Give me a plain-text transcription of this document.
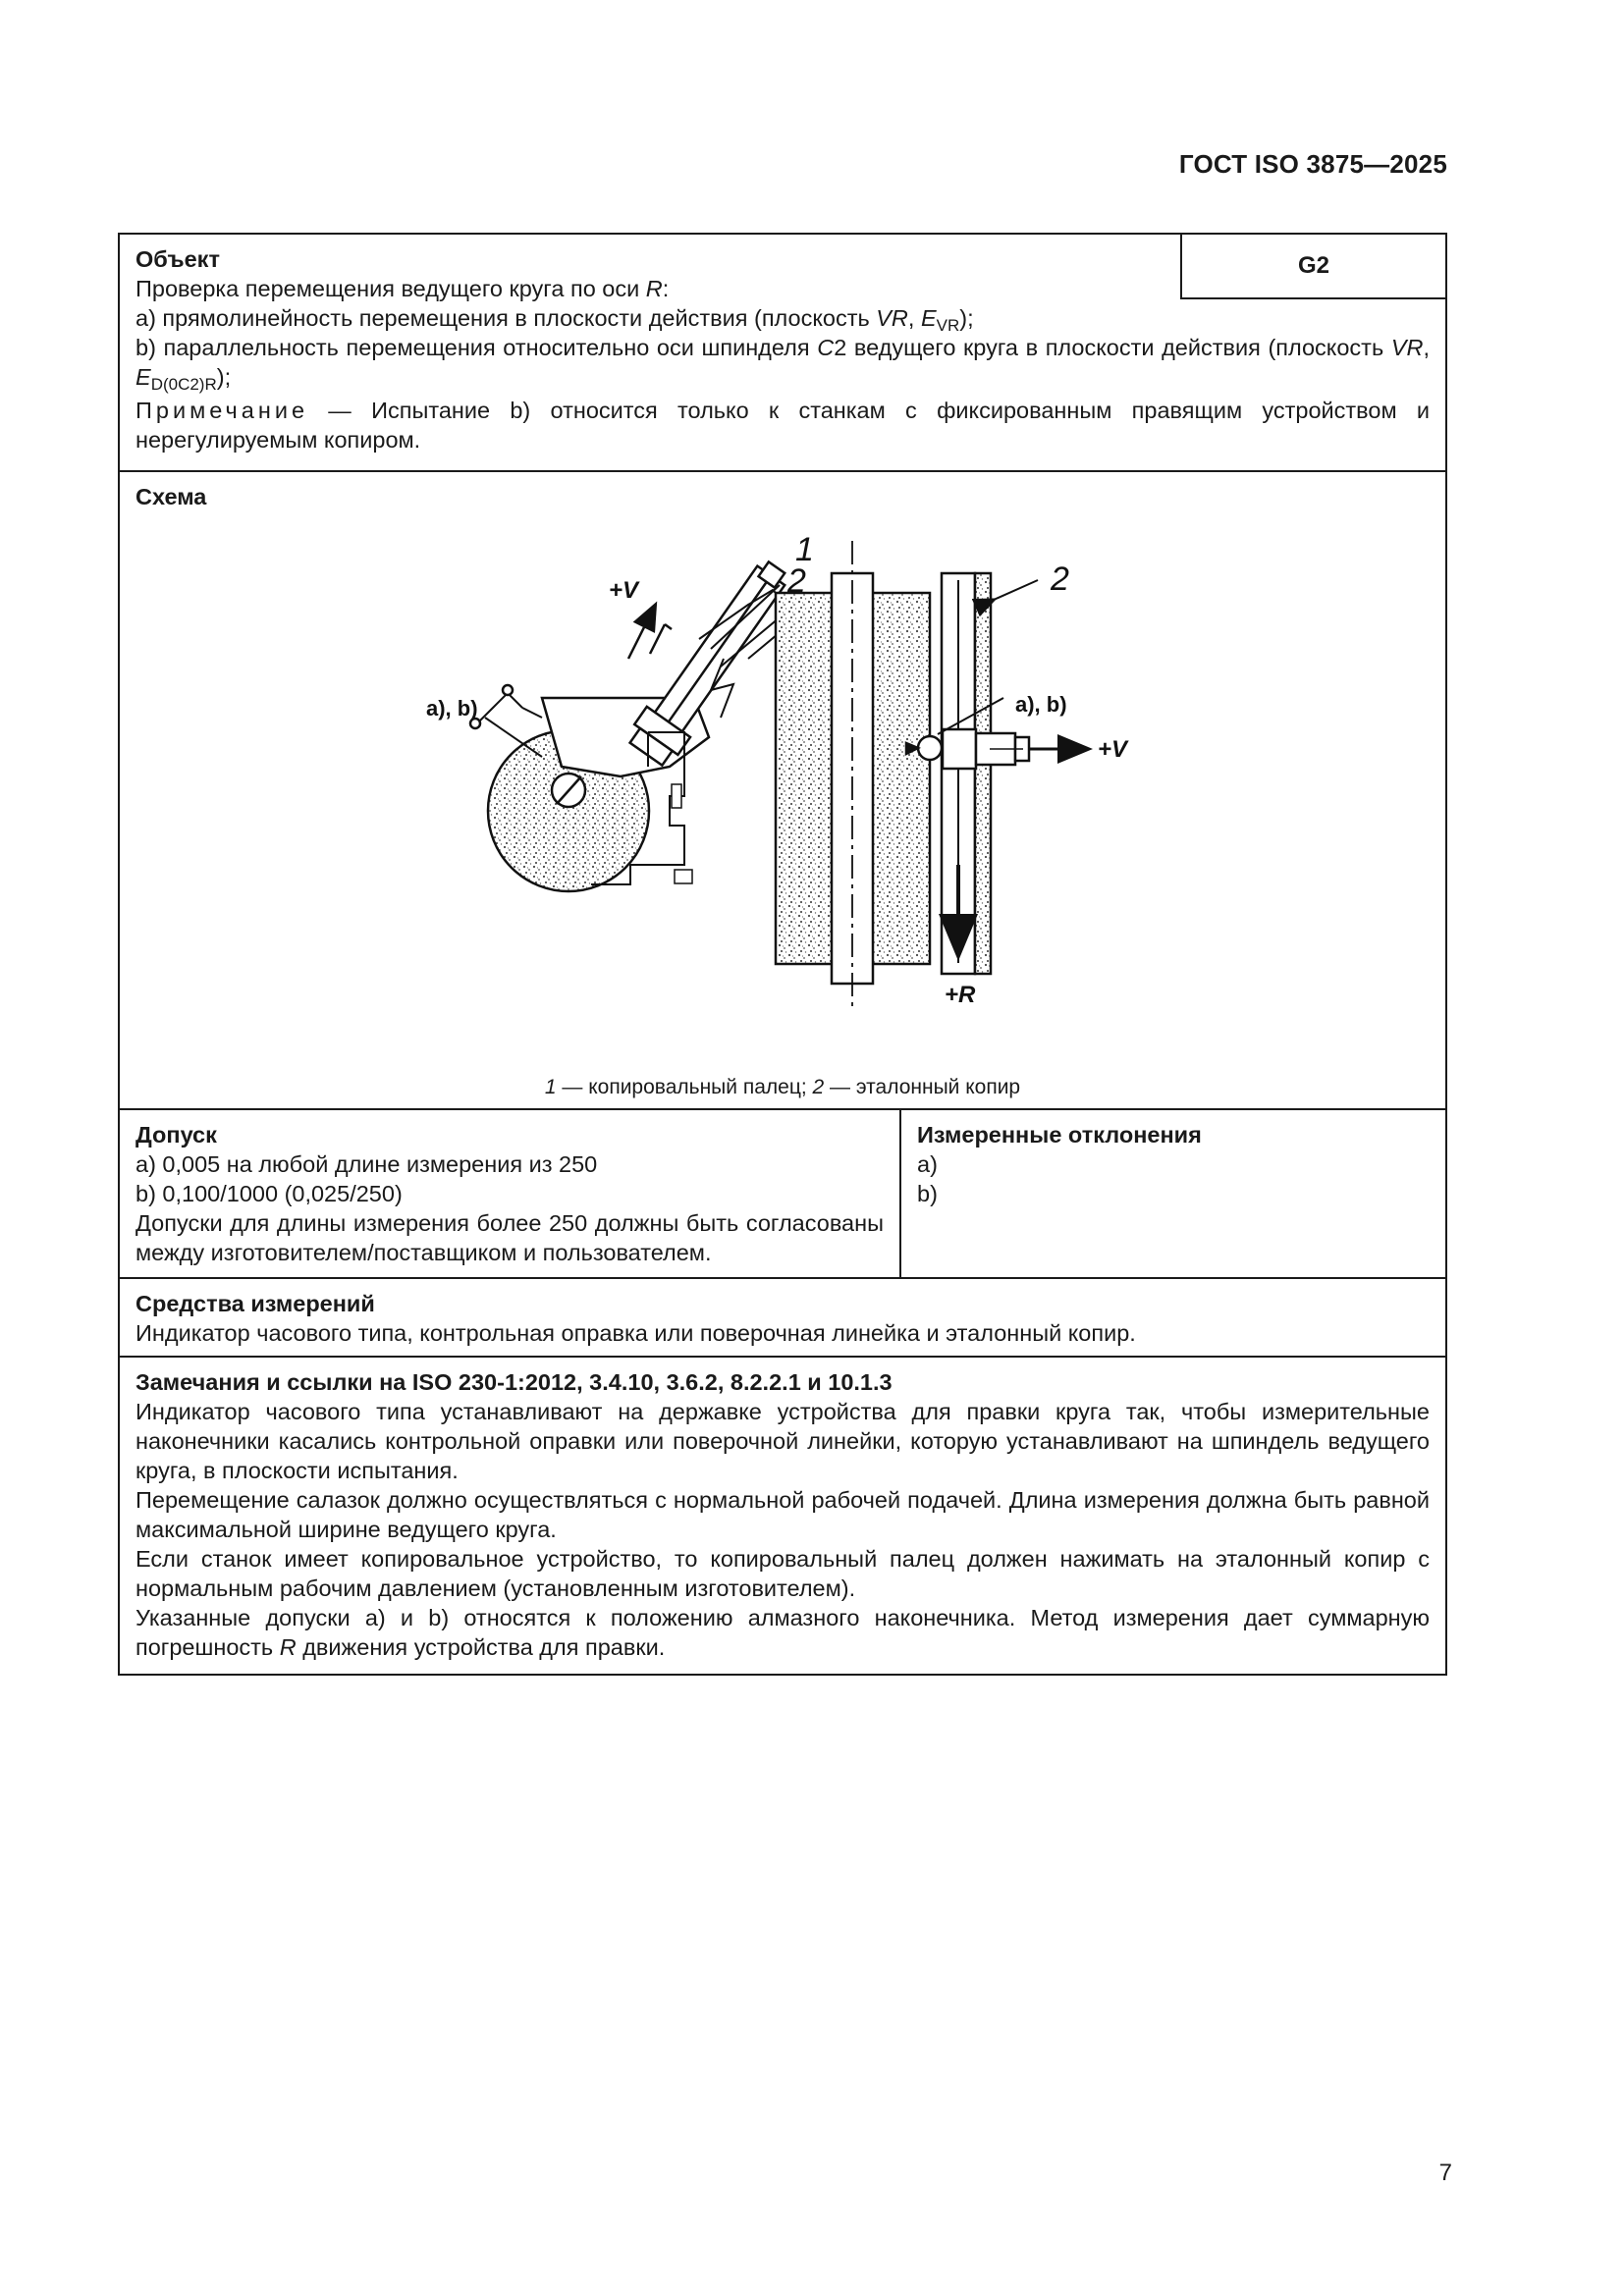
ГОСТ ISO 3875—2025
G2

Объект

Проверка перемещения ведущего круга по оси R:

a) прямолинейность перемещения в плоскости действия (плоскость VR, $E_{VR}$);

b) параллельность перемещения относительно оси шпинделя C2 ведущего круга в плоскости действия (плоскость VR, $E_{D(0C2)R}$);

Примечание — Испытание b) относится только к станкам с фиксированным правящим устройством и нерегулируемым копиром.

Схема

+V
1
2	2
a), b)	a), b)
+V
+R
1 — копировальный палец; 2 — эталонный копир

Допуск

a) 0,005 на любой длине измерения из 250

b) 0,100/1000 (0,025/250)

Допуски для длины измерения более 250 должны быть согласованы между изготовителем/поставщиком и пользователем.

Измеренные отклонения

a)

b)

Средства измерений

Индикатор часового типа, контрольная оправка или поверочная линейка и эталонный копир.

Замечания и ссылки на ISO 230-1:2012, 3.4.10, 3.6.2, 8.2.2.1 и 10.1.3

Индикатор часового типа устанавливают на державке устройства для правки круга так, чтобы измерительные наконечники касались контрольной оправки или поверочной линейки, которую устанавливают на шпиндель ведущего круга, в плоскости испытания.

Перемещение салазок должно осуществляться с нормальной рабочей подачей. Длина измерения должна быть равной максимальной ширине ведущего круга.

Если станок имеет копировальное устройство, то копировальный палец должен нажимать на эталонный копир с нормальным рабочим давлением (установленным изготовителем).

Указанные допуски a) и b) относятся к положению алмазного наконечника. Метод измерения дает суммарную погрешность R движения устройства для правки.

7
